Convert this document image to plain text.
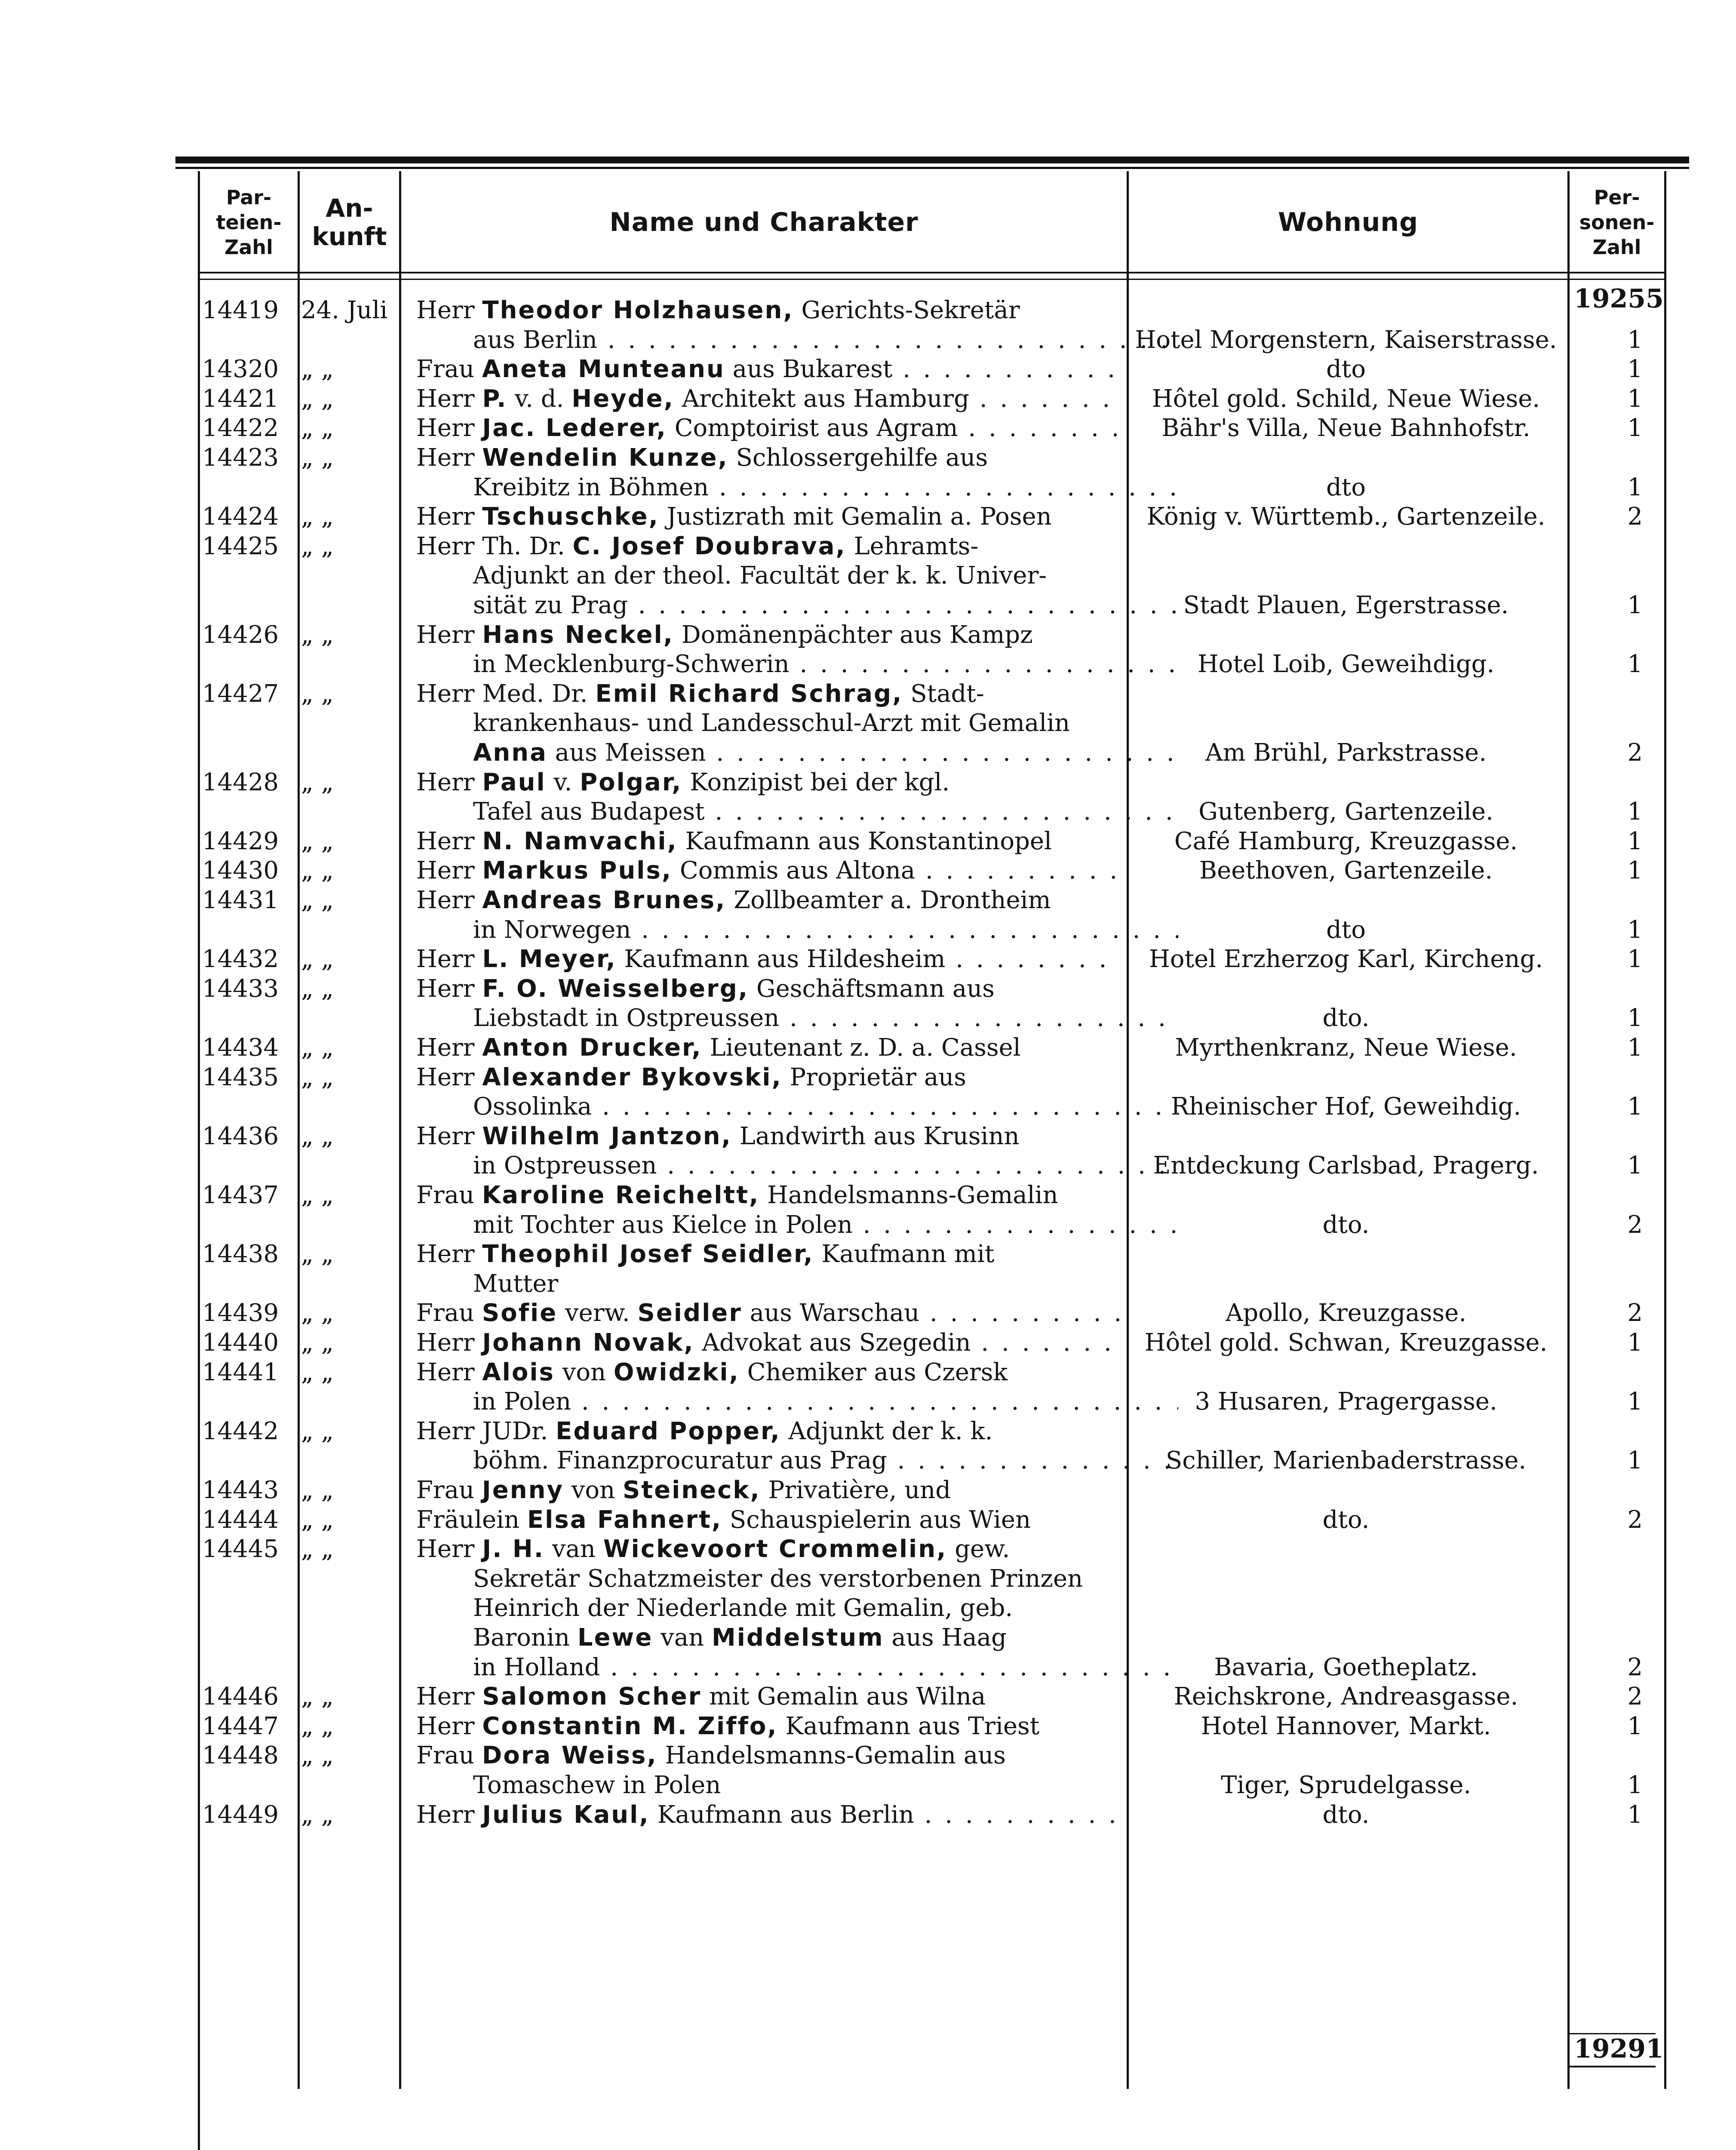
Par-
teien-
Zahl
An-
kunft	Name und Charakter	Wohnung
Per-
sonen-
Zahl
19255
14419 24. Juli	Herr Theodor Holzhausen, Gerichts-Sekretär
aus Berlin . . .	Hotel Morgenstern, Kaiserstrasse.	1
14320 „ „	Frau Aneta Munteanu aus Bukarest . . .	dto	1
14421 „ „	Herr P. v. d. Heyde, Architekt aus Hamburg . . .	Hôtel gold. Schild, Neue Wiese.	1
14422 „ „	Herr Jac. Lederer, Comptoirist aus Agram . . .	Bähr's Villa, Neue Bahnhofstr.	1
14423 „ „	Herr Wendelin Kunze, Schlossergehilfe aus
Kreibitz in Böhmen . . .	dto	1
14424 „ „	Herr Tschuschke, Justizrath mit Gemalin a. Posen	König v. Württemb., Gartenzeile.	2
14425 „ „	Herr Th. Dr. C. Josef Doubrava, Lehramts-
Adjunkt an der theol. Facultät der k. k. Univer-
sität zu Prag . . .	Stadt Plauen, Egerstrasse.	1
14426 „ „	Herr Hans Neckel, Domänenpächter aus Kampz
in Mecklenburg-Schwerin . . .	Hotel Loib, Geweihdigg.	1
14427 „ „	Herr Med. Dr. Emil Richard Schrag, Stadt-
krankenhaus- und Landesschul-Arzt mit Gemalin
Anna aus Meissen . . .	Am Brühl, Parkstrasse.	2
14428 „ „	Herr Paul v. Polgar, Konzipist bei der kgl.
Tafel aus Budapest . . .	Gutenberg, Gartenzeile.	1
14429 „ „	Herr N. Namvachi, Kaufmann aus Konstantinopel	Café Hamburg, Kreuzgasse.	1
14430 „ „	Herr Markus Puls, Commis aus Altona . . .	Beethoven, Gartenzeile.	1
14431 „ „	Herr Andreas Brunes, Zollbeamter a. Drontheim
in Norwegen . . .	dto	1
14432 „ „	Herr L. Meyer, Kaufmann aus Hildesheim . . .	Hotel Erzherzog Karl, Kircheng.	1
14433 „ „	Herr F. O. Weisselberg, Geschäftsmann aus
Liebstadt in Ostpreussen . . .	dto.	1
14434 „ „	Herr Anton Drucker, Lieutenant z. D. a. Cassel	Myrthenkranz, Neue Wiese.	1
14435 „ „	Herr Alexander Bykovski, Proprietär aus
Ossolinka . . .	Rheinischer Hof, Geweihdig.	1
14436 „ „	Herr Wilhelm Jantzon, Landwirth aus Krusinn
in Ostpreussen . . .	Entdeckung Carlsbad, Pragerg.	1
14437 „ „	Frau Karoline Reicheltt, Handelsmanns-Gemalin
mit Tochter aus Kielce in Polen . . .	dto.	2
14438 „ „	Herr Theophil Josef Seidler, Kaufmann mit
Mutter
14439 „ „	Frau Sofie verw. Seidler aus Warschau . . .	Apollo, Kreuzgasse.	2
14440 „ „	Herr Johann Novak, Advokat aus Szegedin . . .	Hôtel gold. Schwan, Kreuzgasse.	1
14441 „ „	Herr Alois von Owidzki, Chemiker aus Czersk
in Polen . . .	3 Husaren, Pragergasse.	1
14442 „ „	Herr JUDr. Eduard Popper, Adjunkt der k. k.
böhm. Finanzprocuratur aus Prag . . .	Schiller, Marienbaderstrasse.	1
14443 „ „	Frau Jenny von Steineck, Privatière, und
14444 „ „	Fräulein Elsa Fahnert, Schauspielerin aus Wien	dto.	2
14445 „ „	Herr J. H. van Wickevoort Crommelin, gew.
Sekretär Schatzmeister des verstorbenen Prinzen
Heinrich der Niederlande mit Gemalin, geb.
Baronin Lewe van Middelstum aus Haag
in Holland . . .	Bavaria, Goetheplatz.	2
14446 „ „	Herr Salomon Scher mit Gemalin aus Wilna	Reichskrone, Andreasgasse.	2
14447 „ „	Herr Constantin M. Ziffo, Kaufmann aus Triest	Hotel Hannover, Markt.	1
14448 „ „	Frau Dora Weiss, Handelsmanns-Gemalin aus
Tomaschew in Polen	Tiger, Sprudelgasse.	1
14449 „ „	Herr Julius Kaul, Kaufmann aus Berlin . . .	dto.	1
19291
